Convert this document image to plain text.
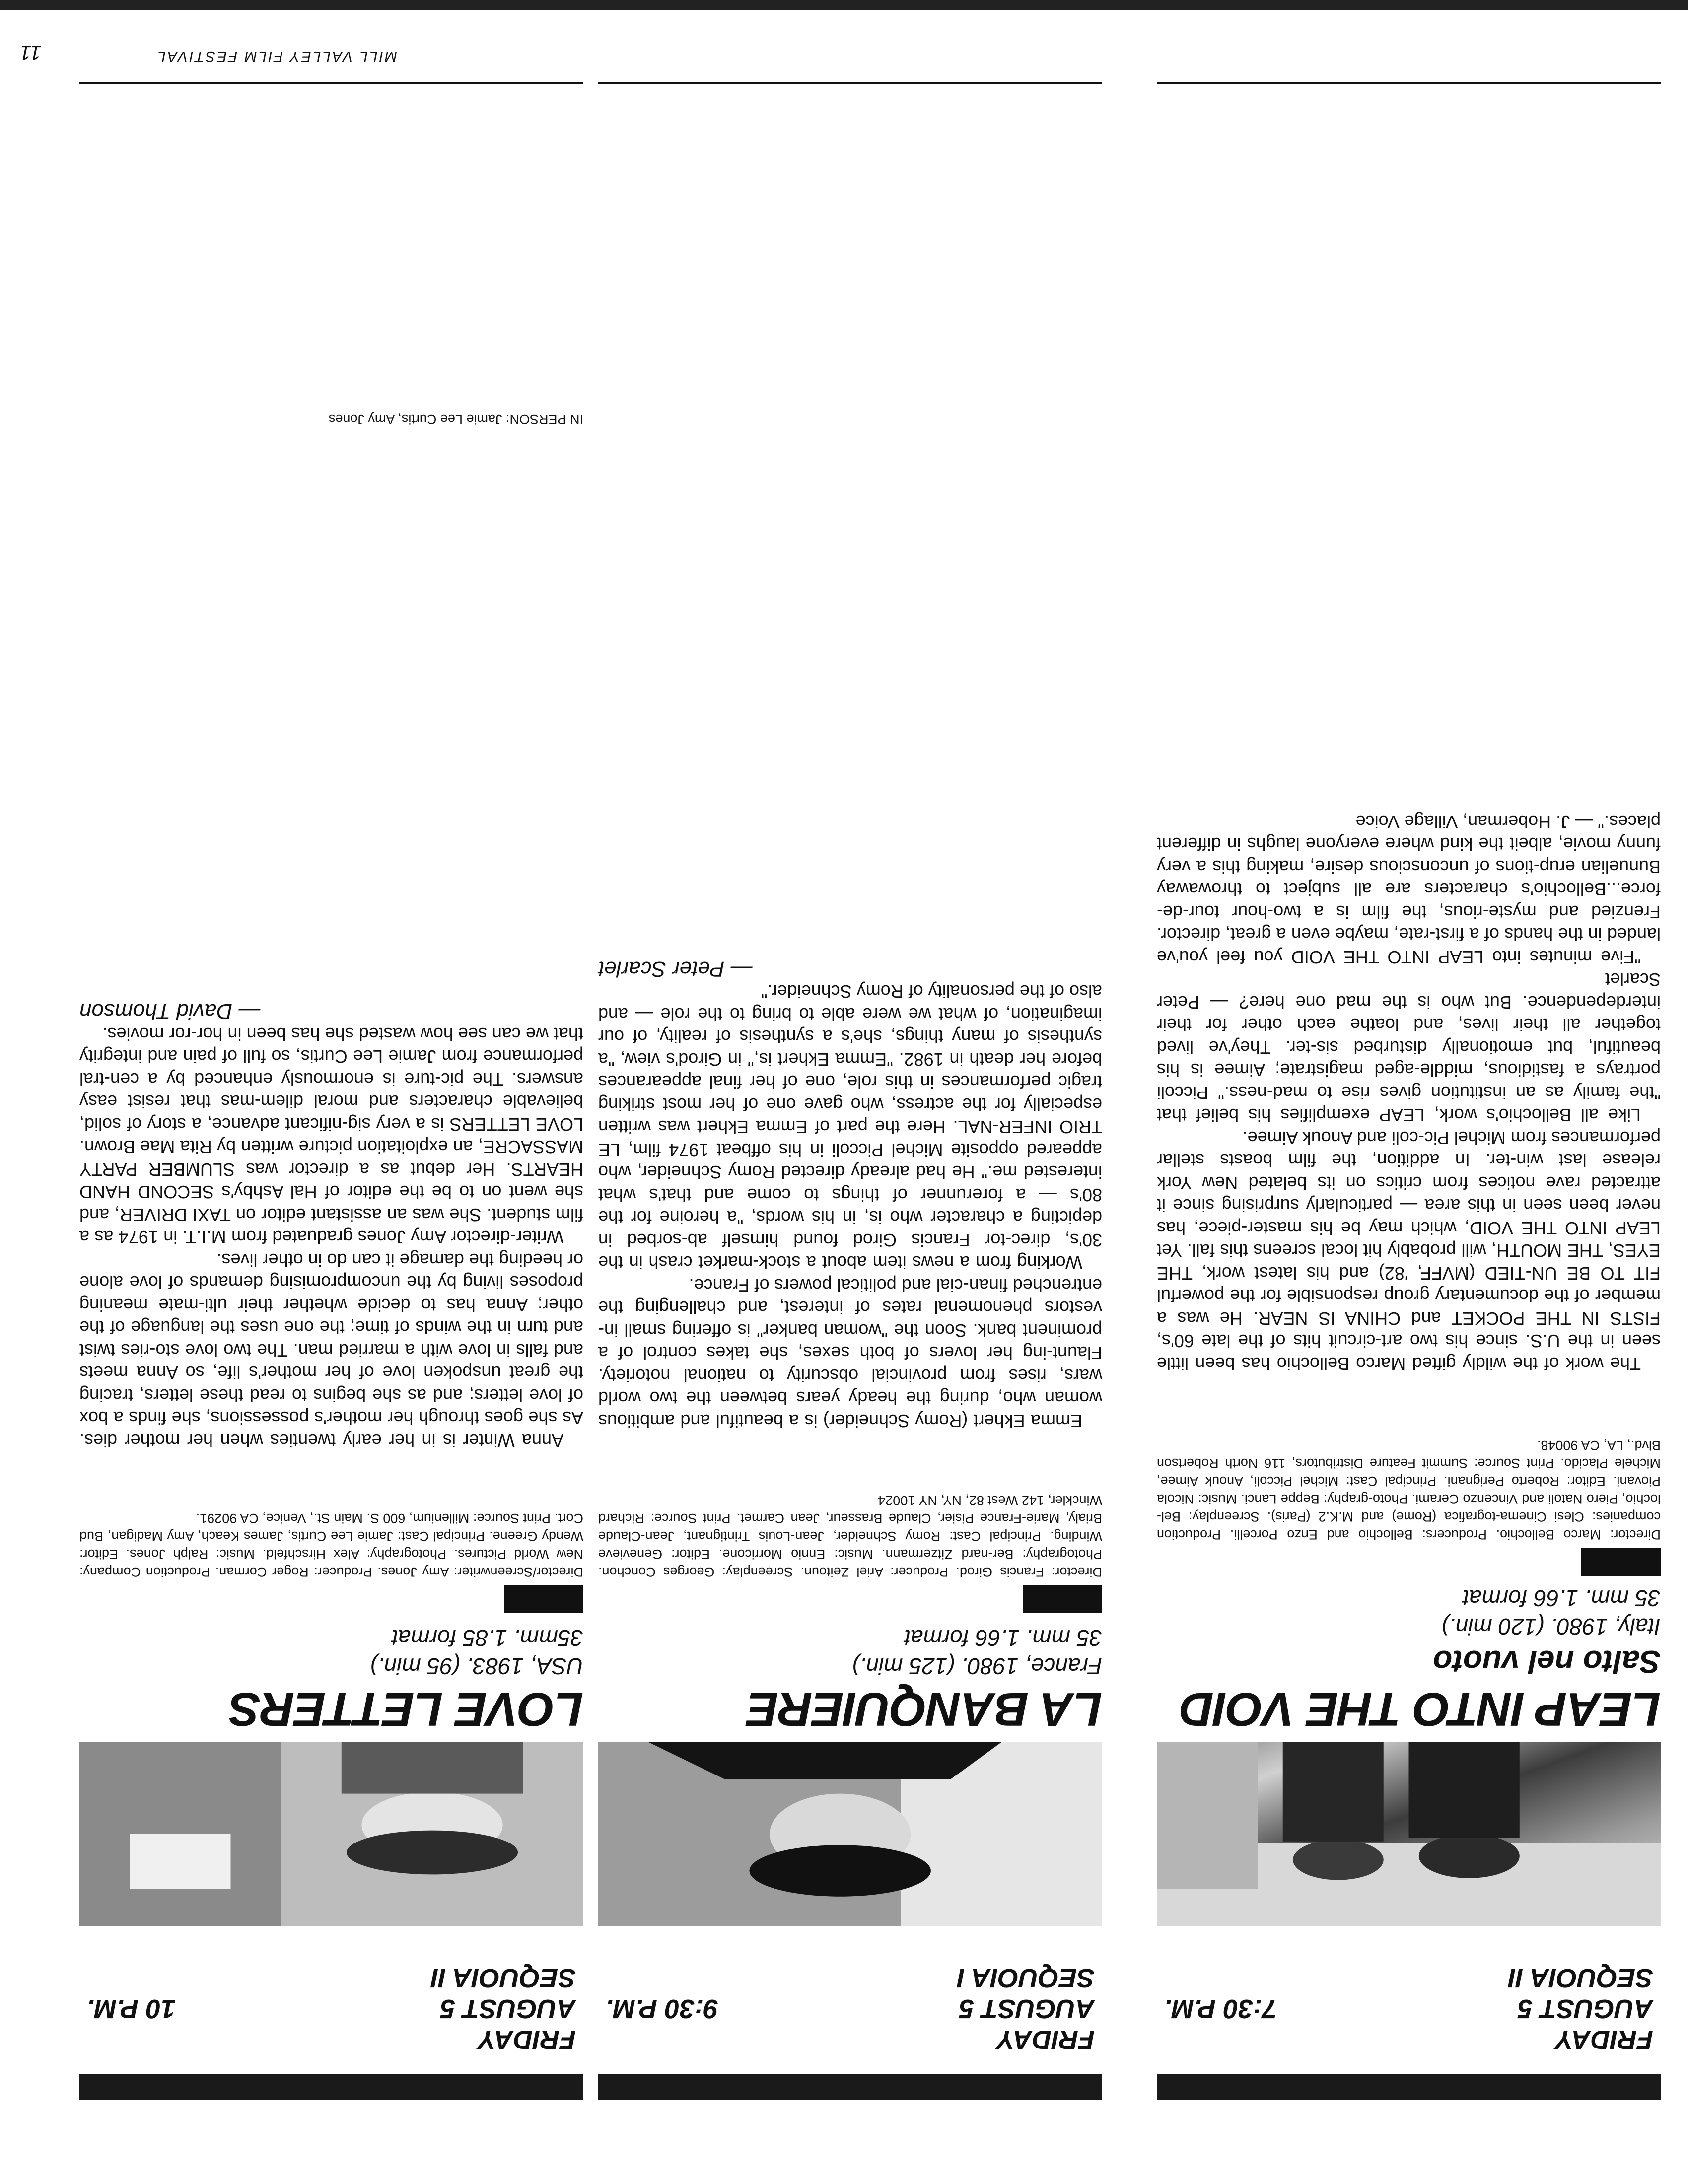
MILL VALLEY FILM FESTIVAL
11
FRIDAY
AUGUST 5
SEQUOIA II
7:30 P.M.
LEAP INTO THE VOID
Salto nel vuoto
Italy, 1980. (120 min.)
35 mm. 1.66 format
Director: Marco Bellochio. Producers: Bellochio and Enzo Porcelli. Production companies: Clesi Cinema-tografica (Rome) and M.K.2 (Paris). Screenplay: Bel-lochio, Piero Natoli and Vincenzo Cerami. Photo-graphy: Beppe Lanci. Music: Nicola Piovani. Editor: Roberto Perignani. Principal Cast: Michel Piccoli, Anouk Aimee, Michele Placido. Print Source: Summit Feature Distributors, 116 North Robertson Blvd., LA, CA 90048.

The work of the wildly gifted Marco Bellochio has been little seen in the U.S. since his two art-circuit hits of the late 60's, FISTS IN THE POCKET and CHINA IS NEAR. He was a member of the documentary group responsible for the powerful FIT TO BE UN-TIED (MVFF, '82) and his latest work, THE EYES, THE MOUTH, will probably hit local screens this fall. Yet LEAP INTO THE VOID, which may be his master-piece, has never been seen in this area — particularly surprising since it attracted rave notices from critics on its belated New York release last win-ter. In addition, the film boasts stellar performances from Michel Pic-coli and Anouk Aimee.

Like all Bellochio's work, LEAP exemplifies his belief that "the family as an institution gives rise to mad-ness." Piccoli portrays a fastidious, middle-aged magistrate; Aimee is his beautiful, but emotionally disturbed sis-ter. They've lived together all their lives, and loathe each other for their interdependence. But who is the mad one here? — Peter Scarlet

"Five minutes into LEAP INTO THE VOID you feel you've landed in the hands of a first-rate, maybe even a great, director. Frenzied and myste-rious, the film is a two-hour tour-de-force...Bellochio's characters are all subject to throwaway Bunuelian erup-tions of unconscious desire, making this a very funny movie, albeit the kind where everyone laughs in different places." — J. Hoberman, Village Voice

FRIDAY
AUGUST 5
SEQUOIA I
9:30 P.M.
LA BANQUIERE
France, 1980. (125 min.)
35 mm. 1.66 format
Director: Francis Girod. Producer: Ariel Zeitoun. Screenplay: Georges Conchon. Photography: Ber-nard Zitzermann. Music: Ennio Morricone. Editor: Genevieve Winding. Principal Cast: Romy Schneider, Jean-Louis Trintignant, Jean-Claude Brialy, Marie-France Pisier, Claude Brasseur, Jean Carmet. Print Source: Richard Winckler, 142 West 82, NY, NY 10024

Emma Ekhert (Romy Schneider) is a beautiful and ambitious woman who, during the heady years between the two world wars, rises from provincial obscurity to national notoriety. Flaunt-ing her lovers of both sexes, she takes control of a prominent bank. Soon the "woman banker" is offering small in-vestors phenomenal rates of interest, and challenging the entrenched finan-cial and political powers of France.

Working from a news item about a stock-market crash in the 30's, direc-tor Francis Girod found himself ab-sorbed in depicting a character who is, in his words, "a heroine for the 80's — a forerunner of things to come and that's what interested me." He had already directed Romy Schneider, who appeared opposite Michel Piccoli in his offbeat 1974 film, LE TRIO INFER-NAL. Here the part of Emma Ekhert was written especially for the actress, who gave one of her most striking tragic performances in this role, one of her final appearances before her death in 1982. "Emma Ekhert is," in Girod's view, "a synthesis of many things, she's a synthesis of reality, of our imagination, of what we were able to bring to the role — and also of the personality of Romy Schneider."

— Peter Scarlet
FRIDAY
AUGUST 5
SEQUOIA II
10 P.M.
LOVE LETTERS
USA, 1983. (95 min.)
35mm. 1.85 format
Director/Screenwriter: Amy Jones. Producer: Roger Corman. Production Company: New World Pictures. Photography: Alex Hirschfeld. Music: Ralph Jones. Editor: Wendy Greene. Principal Cast: Jamie Lee Curtis, James Keach, Amy Madigan, Bud Cort. Print Source: Millenium, 600 S. Main St., Venice, CA 90291.

Anna Winter is in her early twenties when her mother dies. As she goes through her mother's possessions, she finds a box of love letters; and as she begins to read these letters, tracing the great unspoken love of her mother's life, so Anna meets and falls in love with a married man. The two love sto-ries twist and turn in the winds of time; the one uses the language of the other; Anna has to decide whether their ulti-mate meaning proposes living by the uncompromising demands of love alone or heeding the damage it can do in other lives.

Writer-director Amy Jones graduated from M.I.T. in 1974 as a film student. She was an assistant editor on TAXI DRIVER, and she went on to be the editor of Hal Ashby's SECOND HAND HEARTS. Her debut as a director was SLUMBER PARTY MASSACRE, an exploitation picture written by Rita Mae Brown. LOVE LETTERS is a very sig-nificant advance, a story of solid, believable characters and moral dilem-mas that resist easy answers. The pic-ture is enormously enhanced by a cen-tral performance from Jamie Lee Curtis, so full of pain and integrity that we can see how wasted she has been in hor-ror movies.

— David Thomson
IN PERSON: Jamie Lee Curtis, Amy Jones
